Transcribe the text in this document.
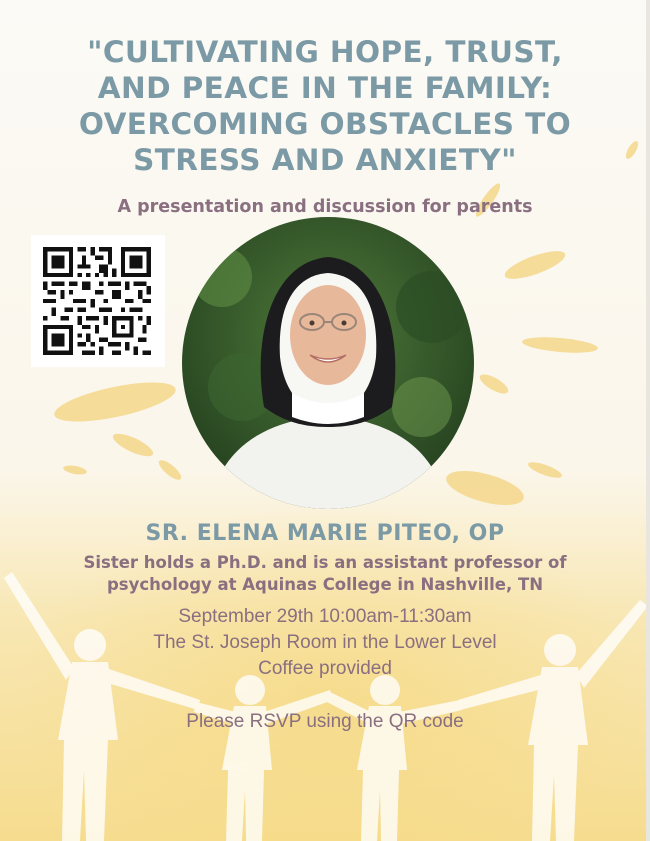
"CULTIVATING HOPE, TRUST,
AND PEACE IN THE FAMILY:
OVERCOMING OBSTACLES TO
STRESS AND ANXIETY"

A presentation and discussion for parents

SR. ELENA MARIE PITEO, OP
Sister holds a Ph.D. and is an assistant professor of
psychology at Aquinas College in Nashville, TN

September 29th 10:00am-11:30am

The St. Joseph Room in the Lower Level

Coffee provided

Please RSVP using the QR code
